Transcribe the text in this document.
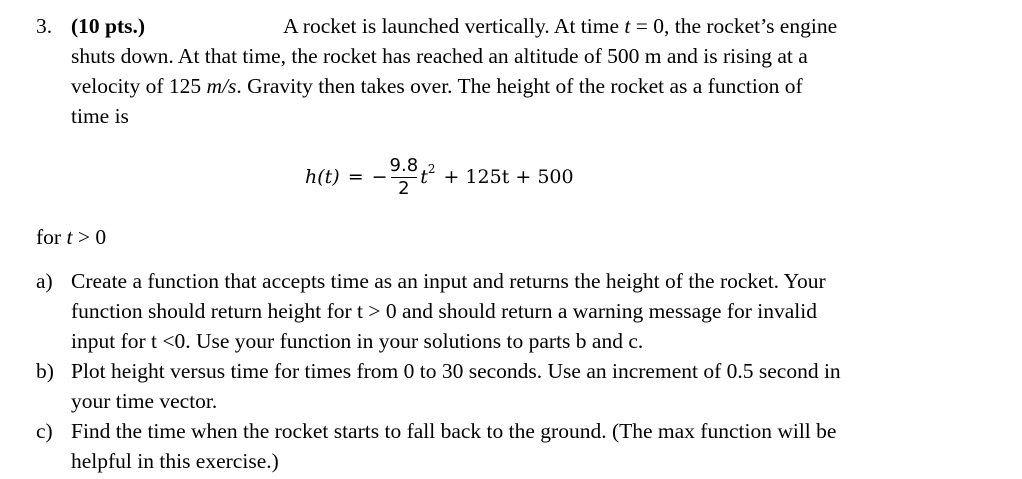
3. (10 pts.)	A rocket is launched vertically. At time t = 0, the rocket’s engine
shuts down. At that time, the rocket has reached an altitude of 500 m and is rising at a
velocity of 125 m/s. Gravity then takes over. The height of the rocket as a function of
time is
h(t) = − $\frac{9.8}{2}$ t 2 + 125t + 500
for t > 0
a) Create a function that accepts time as an input and returns the height of the rocket. Your
function should return height for t > 0 and should return a warning message for invalid
input for t <0. Use your function in your solutions to parts b and c.
b) Plot height versus time for times from 0 to 30 seconds. Use an increment of 0.5 second in
your time vector.
c) Find the time when the rocket starts to fall back to the ground. (The max function will be
helpful in this exercise.)
